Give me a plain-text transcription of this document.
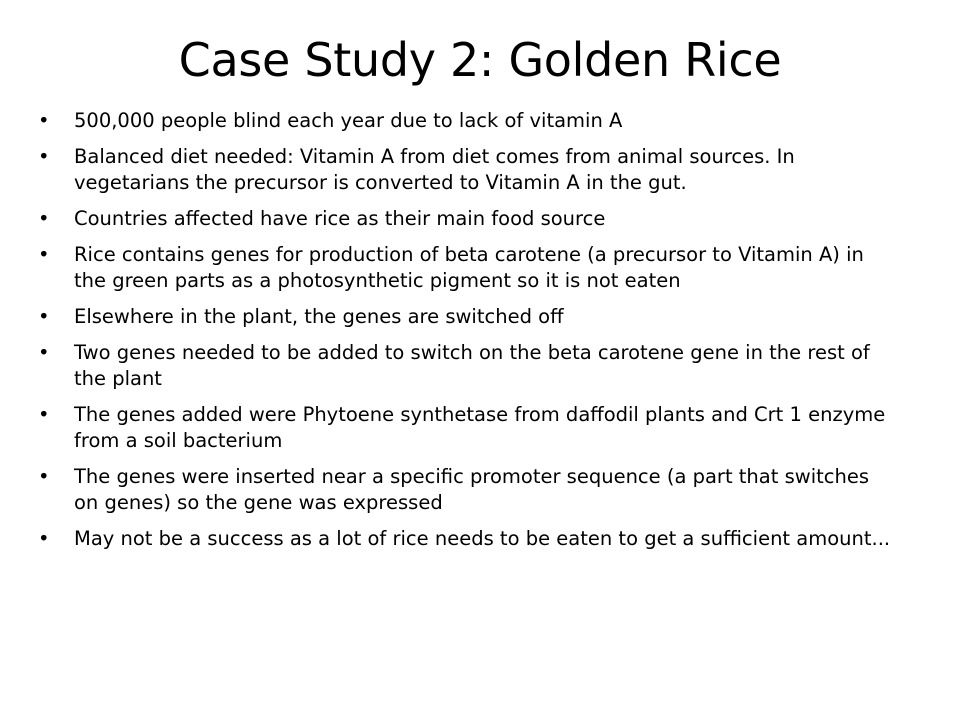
Case Study 2: Golden Rice
• 500,000 people blind each year due to lack of vitamin A
• Balanced diet needed: Vitamin A from diet comes from animal sources. In vegetarians the precursor is converted to Vitamin A in the gut.
• Countries affected have rice as their main food source
• Rice contains genes for production of beta carotene (a precursor to Vitamin A) in the green parts as a photosynthetic pigment so it is not eaten
• Elsewhere in the plant, the genes are switched off
• Two genes needed to be added to switch on the beta carotene gene in the rest of the plant
• The genes added were Phytoene synthetase from daffodil plants and Crt 1 enzyme from a soil bacterium
• The genes were inserted near a specific promoter sequence (a part that switches on genes) so the gene was expressed
• May not be a success as a lot of rice needs to be eaten to get a sufficient amount...
